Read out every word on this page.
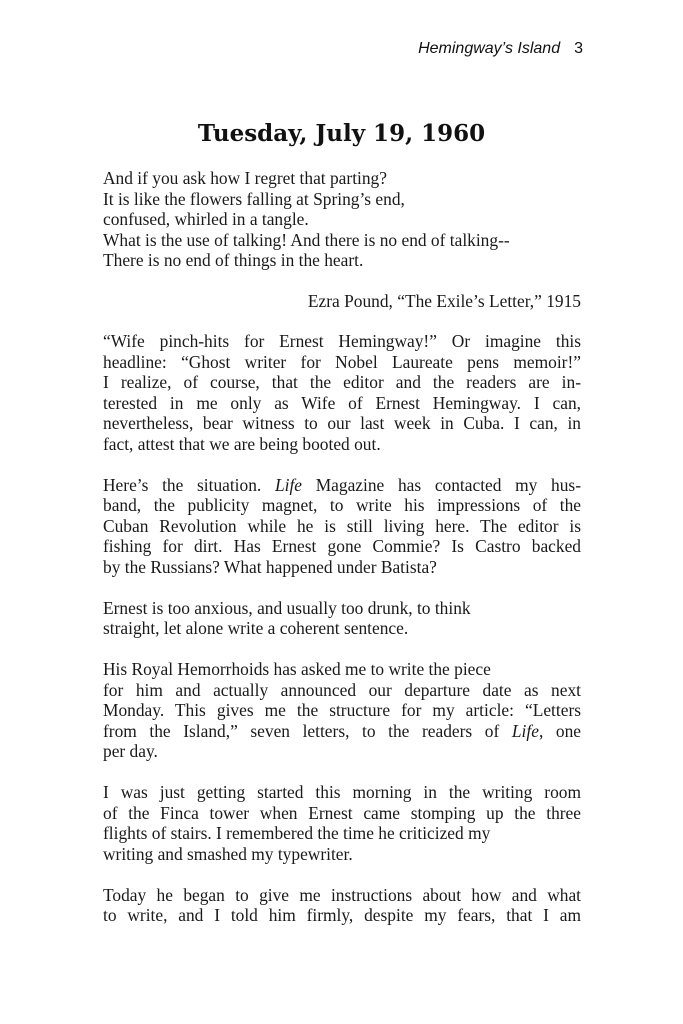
Hemingway’s Island 3
Tuesday, July 19, 1960
And if you ask how I regret that parting?
It is like the flowers falling at Spring’s end,
confused, whirled in a tangle.
What is the use of talking! And there is no end of talking--
There is no end of things in the heart.
Ezra Pound, “The Exile’s Letter,” 1915
“Wife pinch-hits for Ernest Hemingway!” Or imagine this
headline: “Ghost writer for Nobel Laureate pens memoir!”
I realize, of course, that the editor and the readers are in-
terested in me only as Wife of Ernest Hemingway. I can,
nevertheless, bear witness to our last week in Cuba. I can, in
fact, attest that we are being booted out.
Here’s the situation. Life Magazine has contacted my hus-
band, the publicity magnet, to write his impressions of the
Cuban Revolution while he is still living here. The editor is
fishing for dirt. Has Ernest gone Commie? Is Castro backed
by the Russians? What happened under Batista?
Ernest is too anxious, and usually too drunk, to think
straight, let alone write a coherent sentence.
His Royal Hemorrhoids has asked me to write the piece
for him and actually announced our departure date as next
Monday. This gives me the structure for my article: “Letters
from the Island,” seven letters, to the readers of Life, one
per day.
I was just getting started this morning in the writing room
of the Finca tower when Ernest came stomping up the three
flights of stairs. I remembered the time he criticized my
writing and smashed my typewriter.
Today he began to give me instructions about how and what
to write, and I told him firmly, despite my fears, that I am
